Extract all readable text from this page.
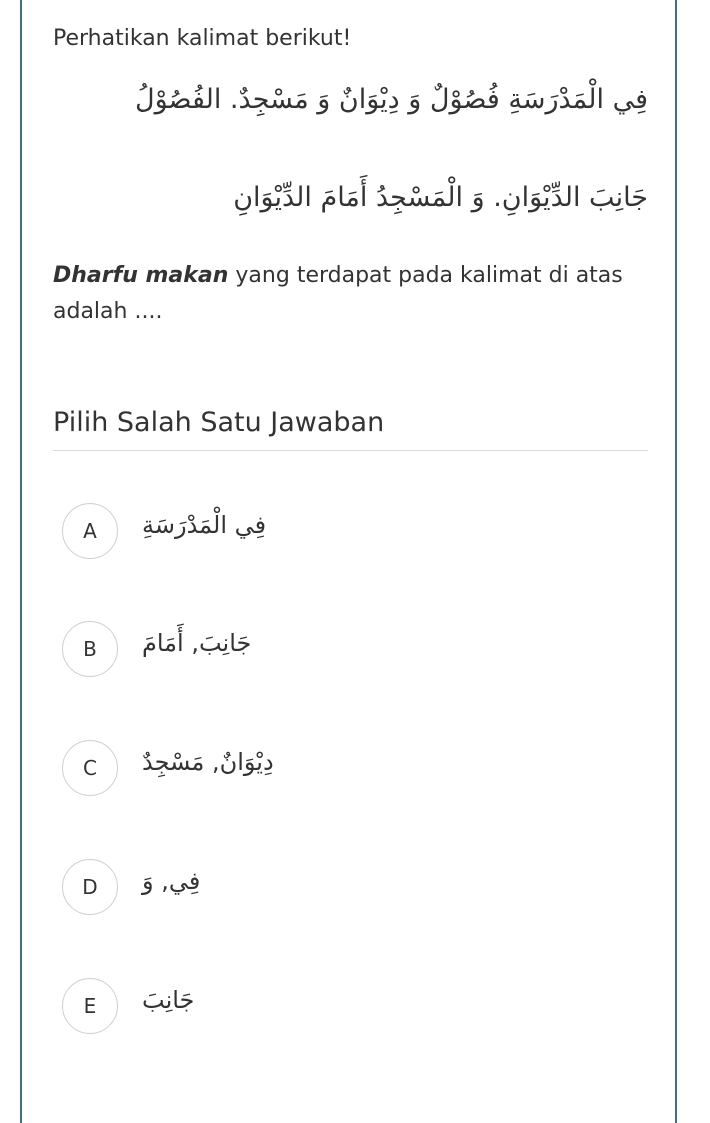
Perhatikan kalimat berikut!
فِي الْمَدْرَسَةِ فُصُوْلٌ وَ دِيْوَانٌ وَ مَسْجِدٌ. الفُصُوْلُ
جَانِبَ الدِّيْوَانِ. وَ الْمَسْجِدُ أَمَامَ الدِّيْوَانِ
Dharfu makan yang terdapat pada kalimat di atas adalah ....
Pilih Salah Satu Jawaban
A	فِي الْمَدْرَسَةِ
B	جَانِبَ, أَمَامَ
C	دِيْوَانٌ, مَسْجِدٌ
D	فِي, وَ
E	جَانِبَ
